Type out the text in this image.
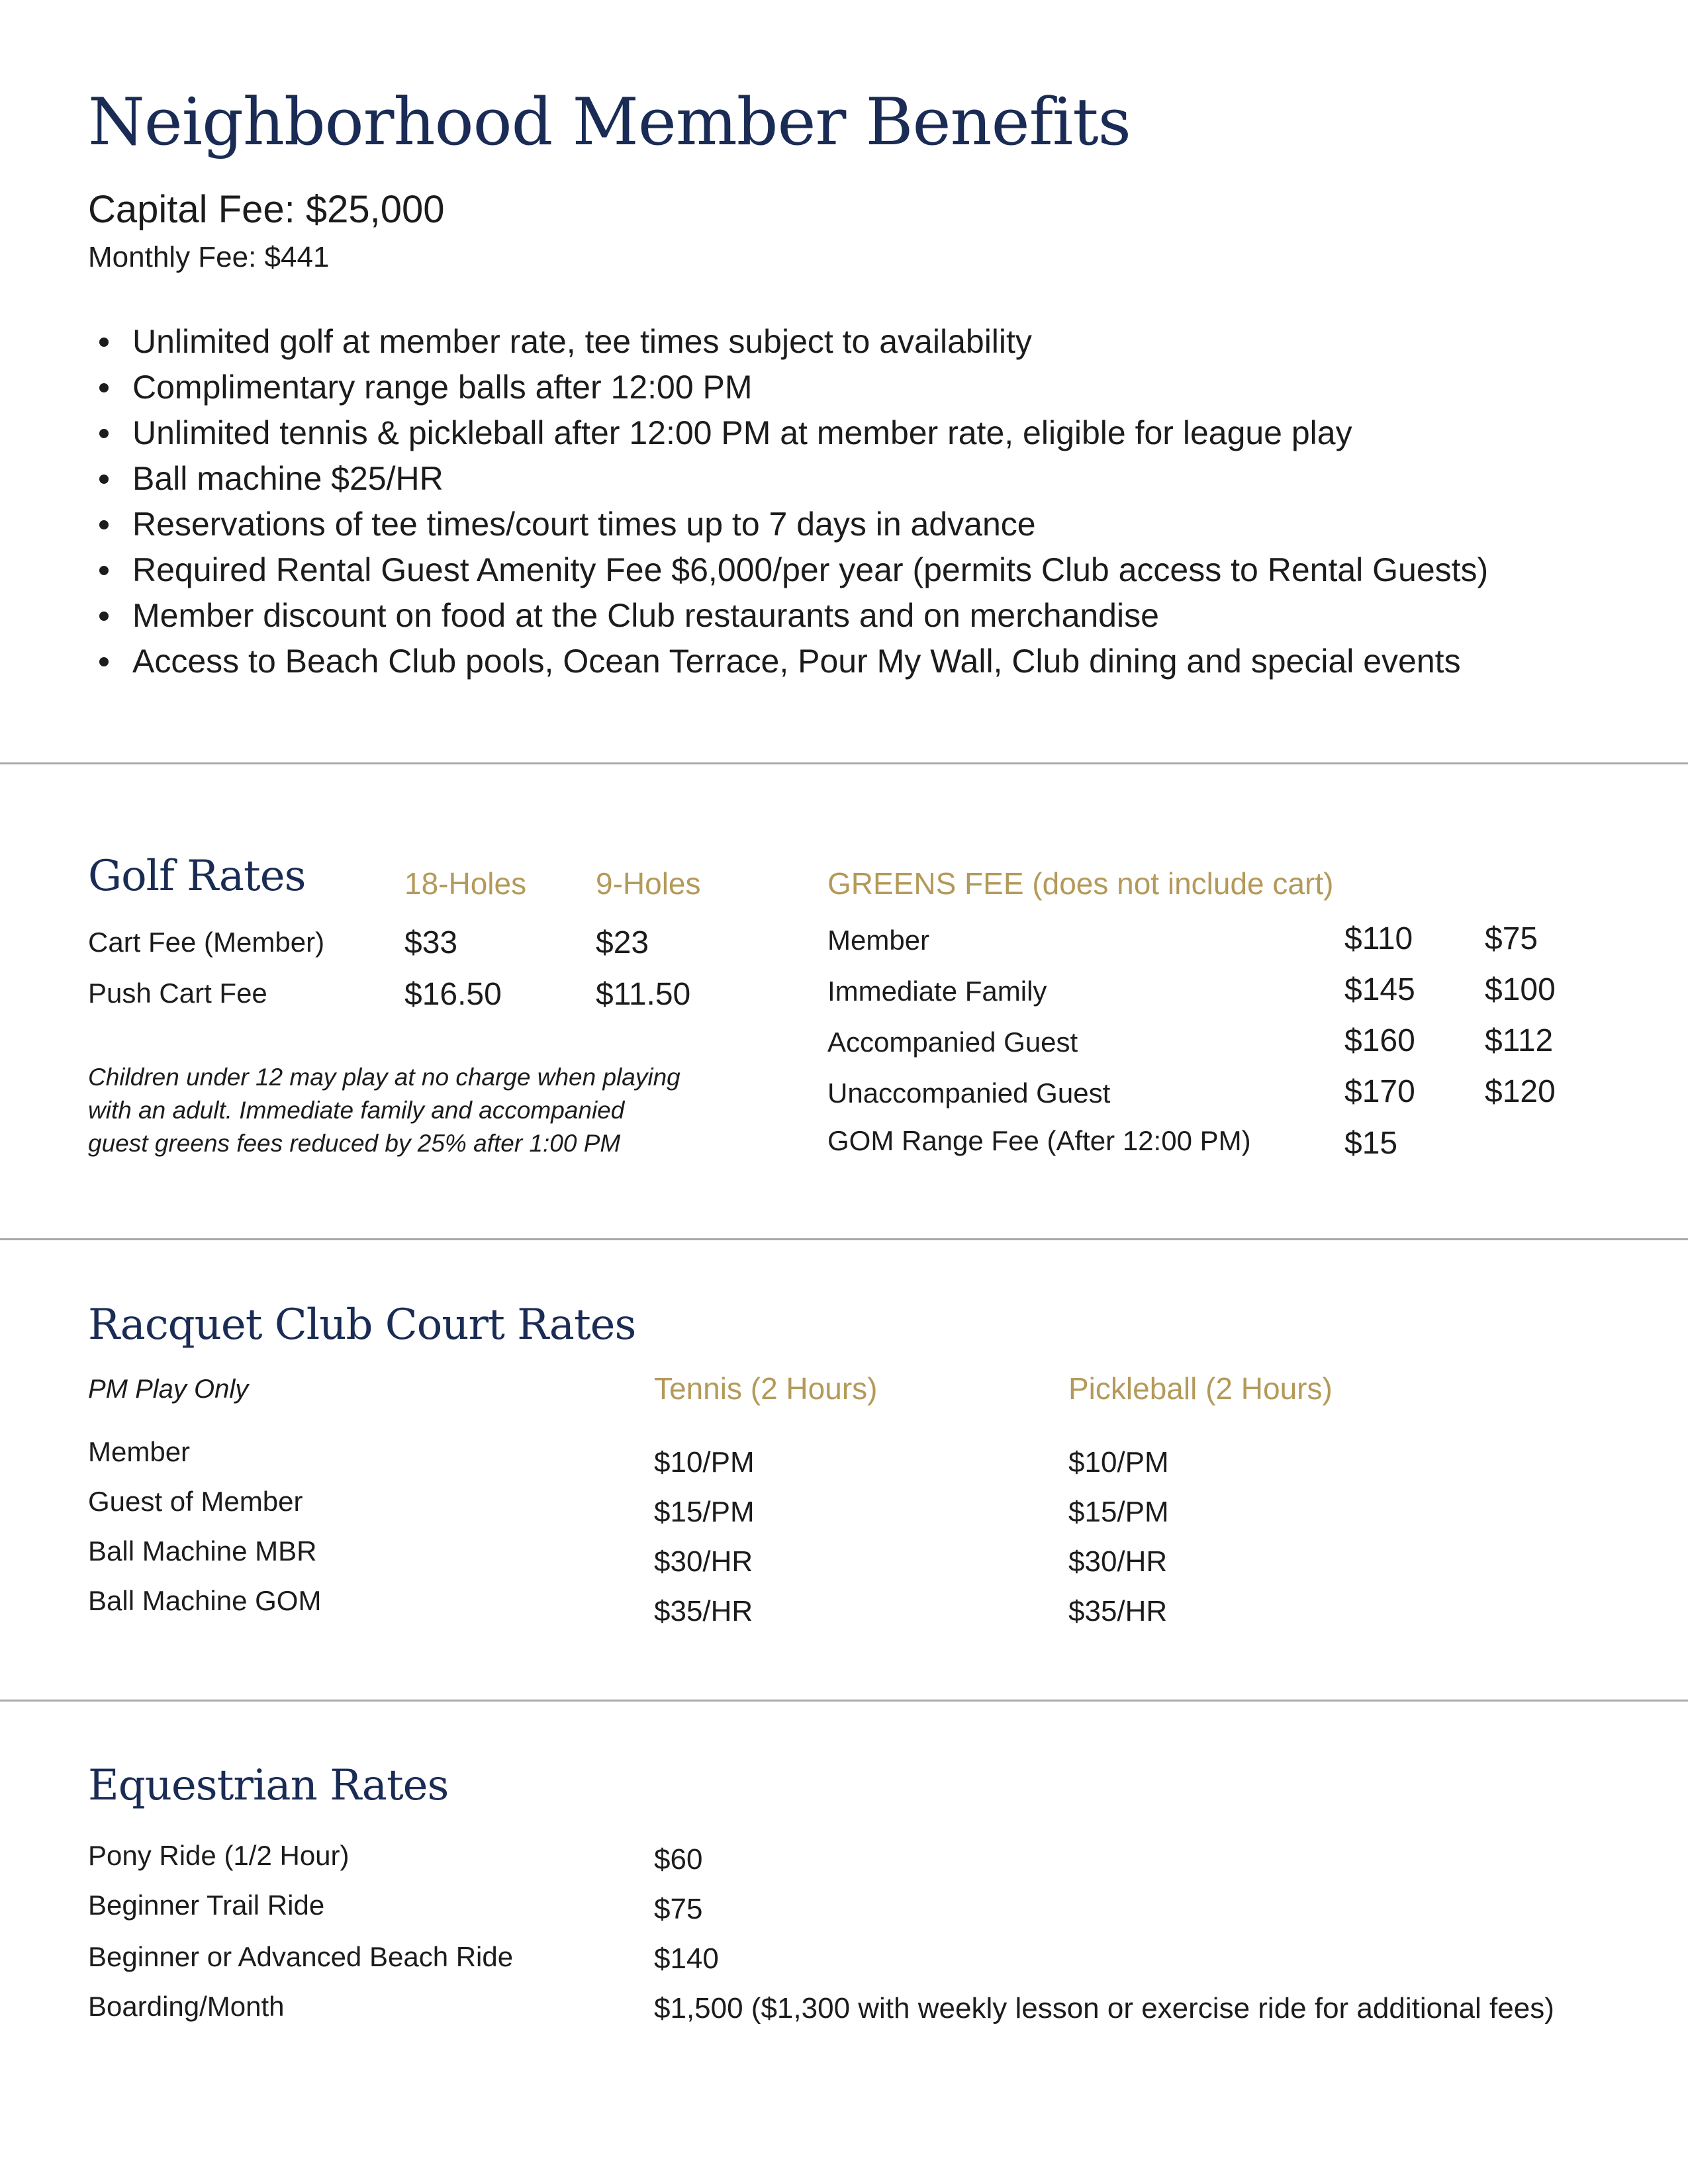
Neighborhood Member Benefits
Capital Fee: $25,000
Monthly Fee: $441
Unlimited golf at member rate, tee times subject to availability
Complimentary range balls after 12:00 PM
Unlimited tennis & pickleball after 12:00 PM at member rate, eligible for league play
Ball machine $25/HR
Reservations of tee times/court times up to 7 days in advance
Required Rental Guest Amenity Fee $6,000/per year (permits Club access to Rental Guests)
Member discount on food at the Club restaurants and on merchandise
Access to Beach Club pools, Ocean Terrace, Pour My Wall, Club dining and special events
Golf Rates	18-Holes 9-Holes
Cart Fee (Member)	$33	$23
Push Cart Fee	$16.50	$11.50
Children under 12 may play at no charge when playing
with an adult. Immediate family and accompanied
guest greens fees reduced by 25% after 1:00 PM
GREENS FEE (does not include cart)
Member	$110 $75
Immediate Family	$145 $100
Accompanied Guest	$160 $112
Unaccompanied Guest	$170 $120
GOM Range Fee (After 12:00 PM)	$15
Racquet Club Court Rates
PM Play Only	Tennis (2 Hours)	Pickleball (2 Hours)
Member	$10/PM	$10/PM
Guest of Member	$15/PM	$15/PM
Ball Machine MBR	$30/HR	$30/HR
Ball Machine GOM	$35/HR	$35/HR
Equestrian Rates
Pony Ride (1/2 Hour)	$60
Beginner Trail Ride	$75
Beginner or Advanced Beach Ride	$140
Boarding/Month	$1,500 ($1,300 with weekly lesson or exercise ride for additional fees)
